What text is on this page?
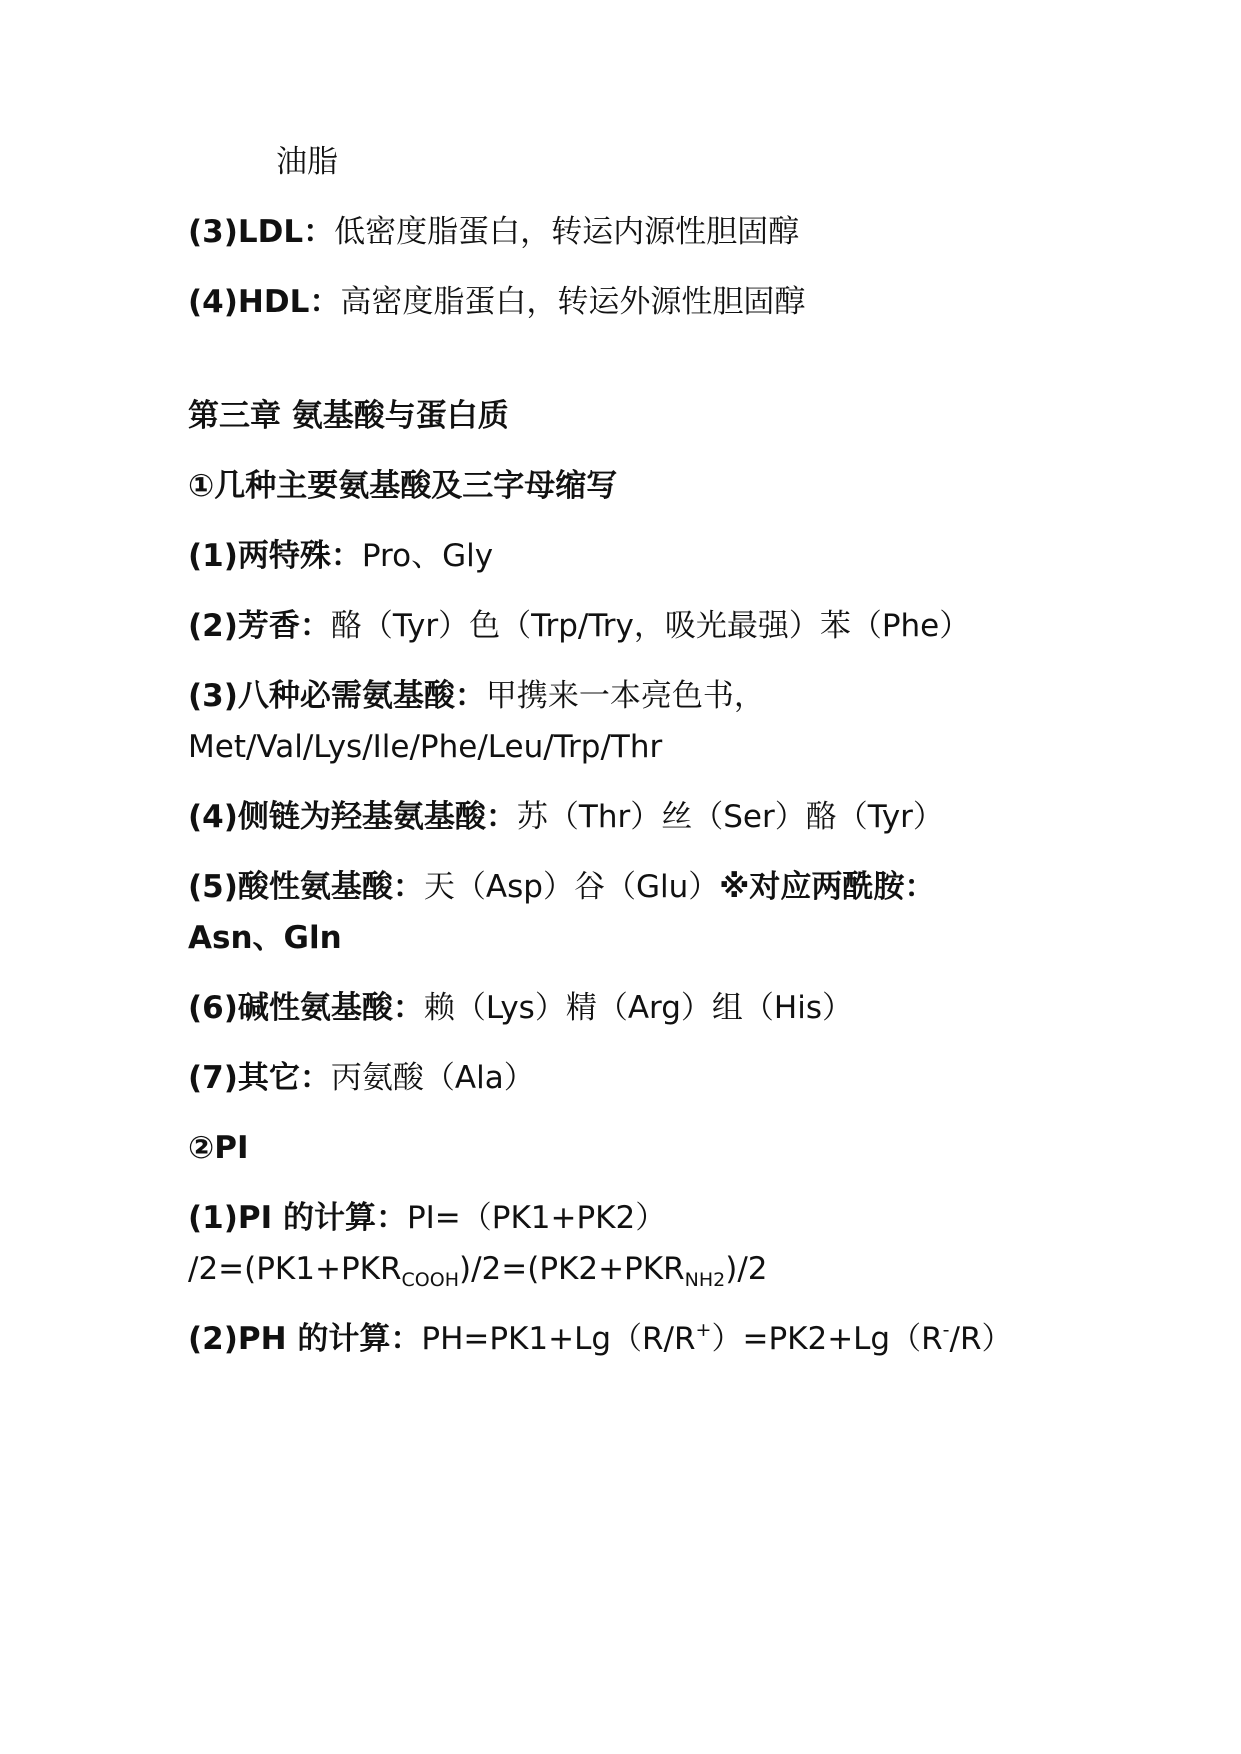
油脂
(3)LDL：低密度脂蛋白，转运内源性胆固醇
(4)HDL：高密度脂蛋白，转运外源性胆固醇
第三章 氨基酸与蛋白质
①几种主要氨基酸及三字母缩写
(1)两特殊：Pro、Gly
(2)芳香：酪（Tyr）色（Trp/Try，吸光最强）苯（Phe）
(3)八种必需氨基酸：甲携来一本亮色书，
Met/Val/Lys/Ile/Phe/Leu/Trp/Thr
(4)侧链为羟基氨基酸：苏（Thr）丝（Ser）酪（Tyr）
(5)酸性氨基酸：天（Asp）谷（Glu）※对应两酰胺：
Asn、Gln
(6)碱性氨基酸：赖（Lys）精（Arg）组（His）
(7)其它：丙氨酸（Ala）
②PI
(1)PI 的计算：PI=（PK1+PK2）
$/2=(PK1+PKR_{COOH})/2=(PK2+PKR_{NH2})/2$
(2)PH 的计算：PH=PK1+Lg（R/R+）=PK2+Lg（R-/R）
